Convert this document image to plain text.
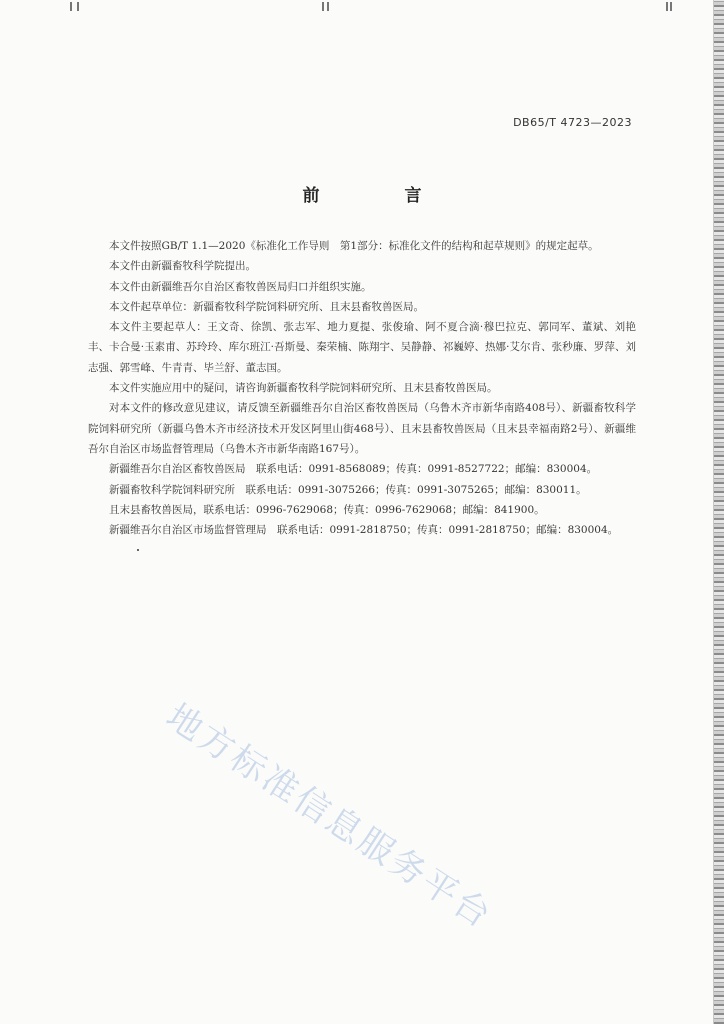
DB65/T 4723—2023
前　言

本文件按照GB/T 1.1—2020《标准化工作导则　第1部分：标准化文件的结构和起草规则》的规定起草。

本文件由新疆畜牧科学院提出。

本文件由新疆维吾尔自治区畜牧兽医局归口并组织实施。

本文件起草单位：新疆畜牧科学院饲料研究所、且末县畜牧兽医局。

本文件主要起草人：王文奇、徐凯、张志军、地力夏提、张俊瑜、阿不夏合滴·穆巴拉克、郭同军、董斌、刘艳丰、卡合曼·玉素甫、苏玲玲、库尔班江·吾斯曼、秦荣楠、陈翔宇、吴静静、祁巍婷、热娜·艾尔肯、张秒廉、罗萍、刘志强、郭雪峰、牛青青、毕兰舒、董志国。

本文件实施应用中的疑问，请咨询新疆畜牧科学院饲料研究所、且末县畜牧兽医局。

对本文件的修改意见建议，请反馈至新疆维吾尔自治区畜牧兽医局（乌鲁木齐市新华南路408号）、新疆畜牧科学院饲料研究所（新疆乌鲁木齐市经济技术开发区阿里山街468号）、且末县畜牧兽医局（且末县幸福南路2号）、新疆维吾尔自治区市场监督管理局（乌鲁木齐市新华南路167号）。

新疆维吾尔自治区畜牧兽医局　联系电话：0991-8568089；传真：0991-8527722；邮编：830004。

新疆畜牧科学院饲料研究所　联系电话：0991-3075266；传真：0991-3075265；邮编：830011。

且末县畜牧兽医局，联系电话：0996-7629068；传真：0996-7629068；邮编：841900。

新疆维吾尔自治区市场监督管理局　联系电话：0991-2818750；传真：0991-2818750；邮编：830004。

地方标准信息服务平台
